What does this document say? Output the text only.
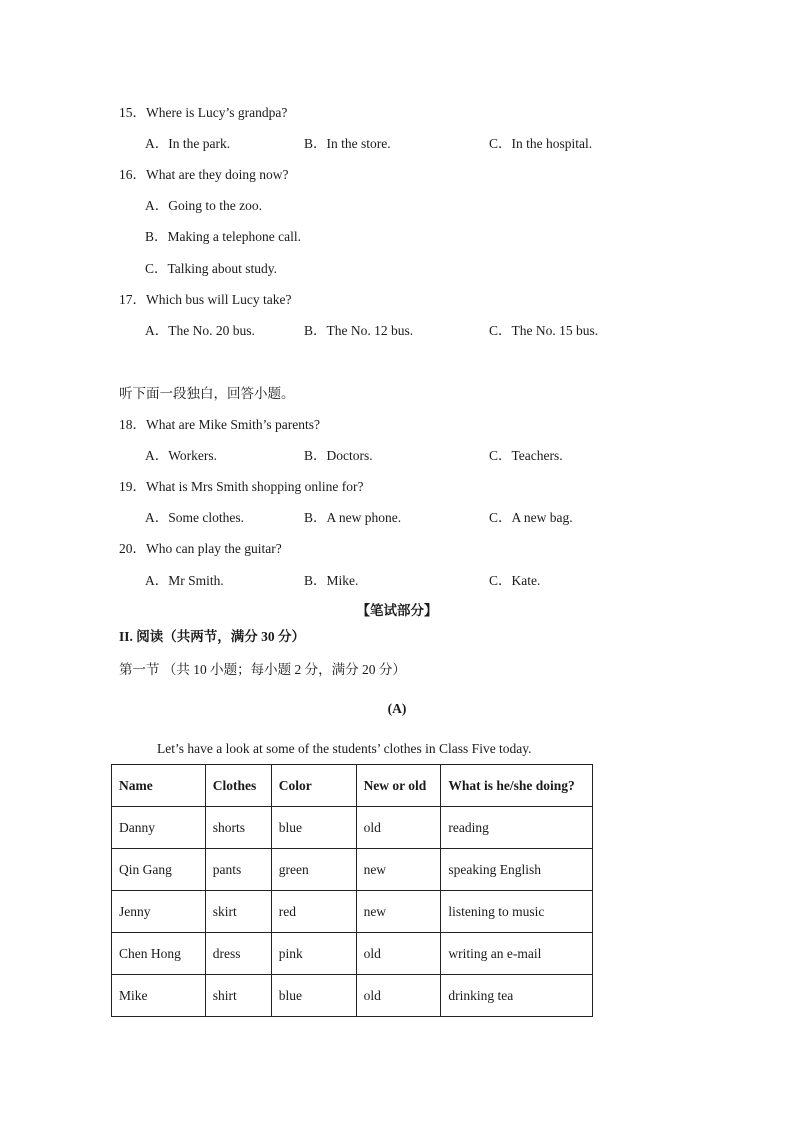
15．Where is Lucy’s grandpa?
A．In the park.	B．In the store.	C．In the hospital.
16．What are they doing now?
A．Going to the zoo.
B．Making a telephone call.
C．Talking about study.
17．Which bus will Lucy take?
A．The No. 20 bus.	B．The No. 12 bus.	C．The No. 15 bus.
听下面一段独白，回答小题。
18．What are Mike Smith’s parents?
A．Workers.	B．Doctors.	C．Teachers.
19．What is Mrs Smith shopping online for?
A．Some clothes.	B．A new phone.	C．A new bag.
20．Who can play the guitar?
A．Mr Smith.	B．Mike.	C．Kate.
【笔试部分】
II. 阅读（共两节，满分 30 分）
第一节 （共 10 小题；每小题 2 分，满分 20 分）
(A)
Let’s have a look at some of the students’ clothes in Class Five today.
Name	Clothes	Color	New or old	What is he/she doing?
Danny	shorts	blue	old	reading
Qin Gang	pants	green	new	speaking English
Jenny	skirt	red	new	listening to music
Chen Hong	dress	pink	old	writing an e-mail
Mike	shirt	blue	old	drinking tea
